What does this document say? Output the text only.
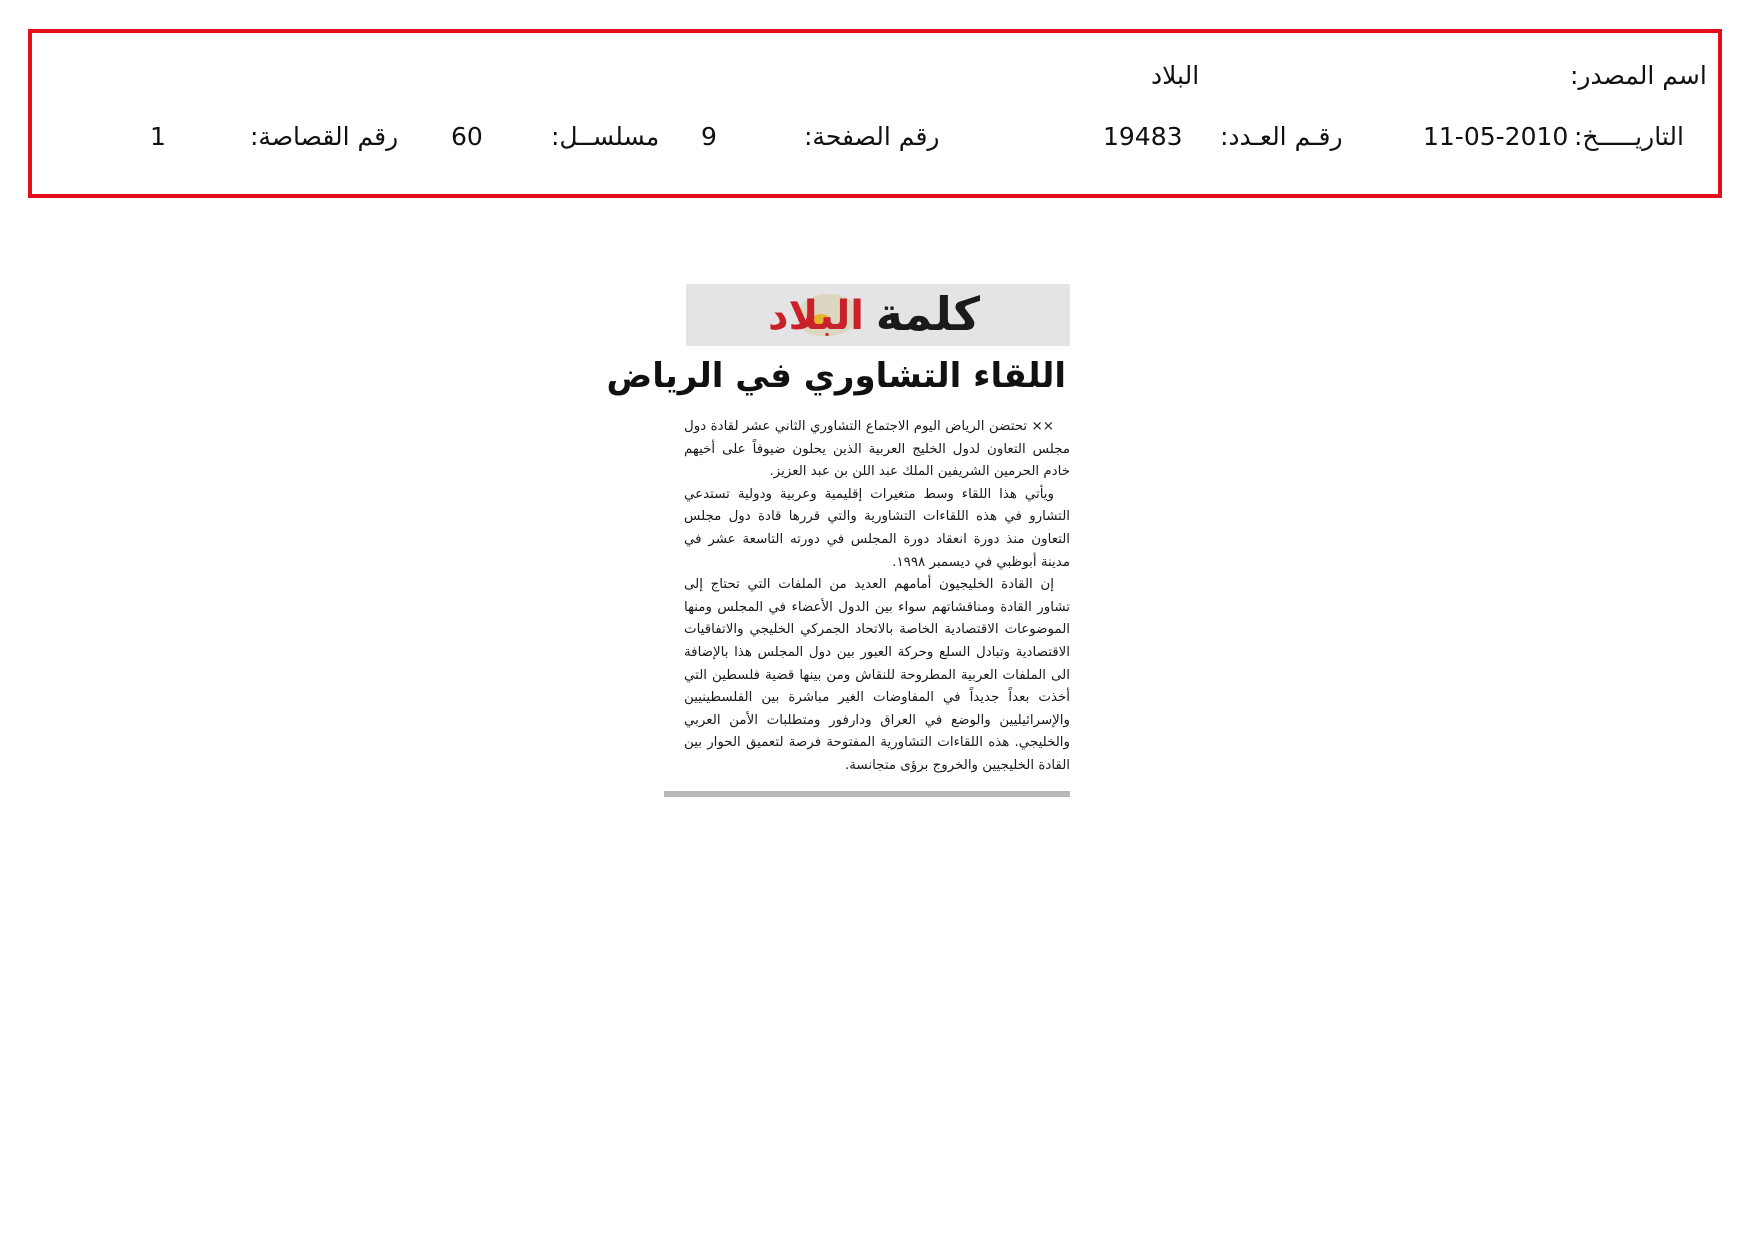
اسم المصدر:
البلاد
التاريـــــخ:
11-05-2010
رقـم العـدد:
19483
رقم الصفحة:
9
مسلســل:
60
رقم القصاصة:
1
كلمة
البلاد
اللقاء التشاوري في الرياض

×× تحتضن الرياض اليوم الاجتماع التشاوري الثاني عشر لقادة دول مجلس التعاون لدول الخليج العربية الذين يحلون ضيوفاً على أخيهم خادم الحرمين الشريفين الملك عبد اللن بن عبد العزيز.

ويأتي هذا اللقاء وسط متغيرات إقليمية وعربية ودولية تستدعي التشارو في هذه اللقاءات التشاورية والتي قررها قادة دول مجلس التعاون منذ دورة انعقاد دورة المجلس في دورته التاسعة عشر في مدينة أبوظبي في ديسمبر ١٩٩٨.

إن القادة الخليجيون أمامهم العديد من الملفات التي تحتاج إلى تشاور القادة ومناقشاتهم سواء بين الدول الأعضاء في المجلس ومنها الموضوعات الاقتصادية الخاصة بالاتحاد الجمركي الخليجي والاتفاقيات الاقتصادية وتبادل السلع وحركة العبور بين دول المجلس هذا بالإضافة الى الملفات العربية المطروحة للنقاش ومن بينها قضية فلسطين التي أخذت بعداً جديداً في المفاوضات الغير مباشرة بين الفلسطينيين والإسرائيليين والوضع في العراق ودارفور ومتطلبات الأمن العربي والخليجي. هذه اللقاءات التشاورية المفتوحة فرصة لتعميق الحوار بين القادة الخليجيين والخروج برؤى متجانسة.
